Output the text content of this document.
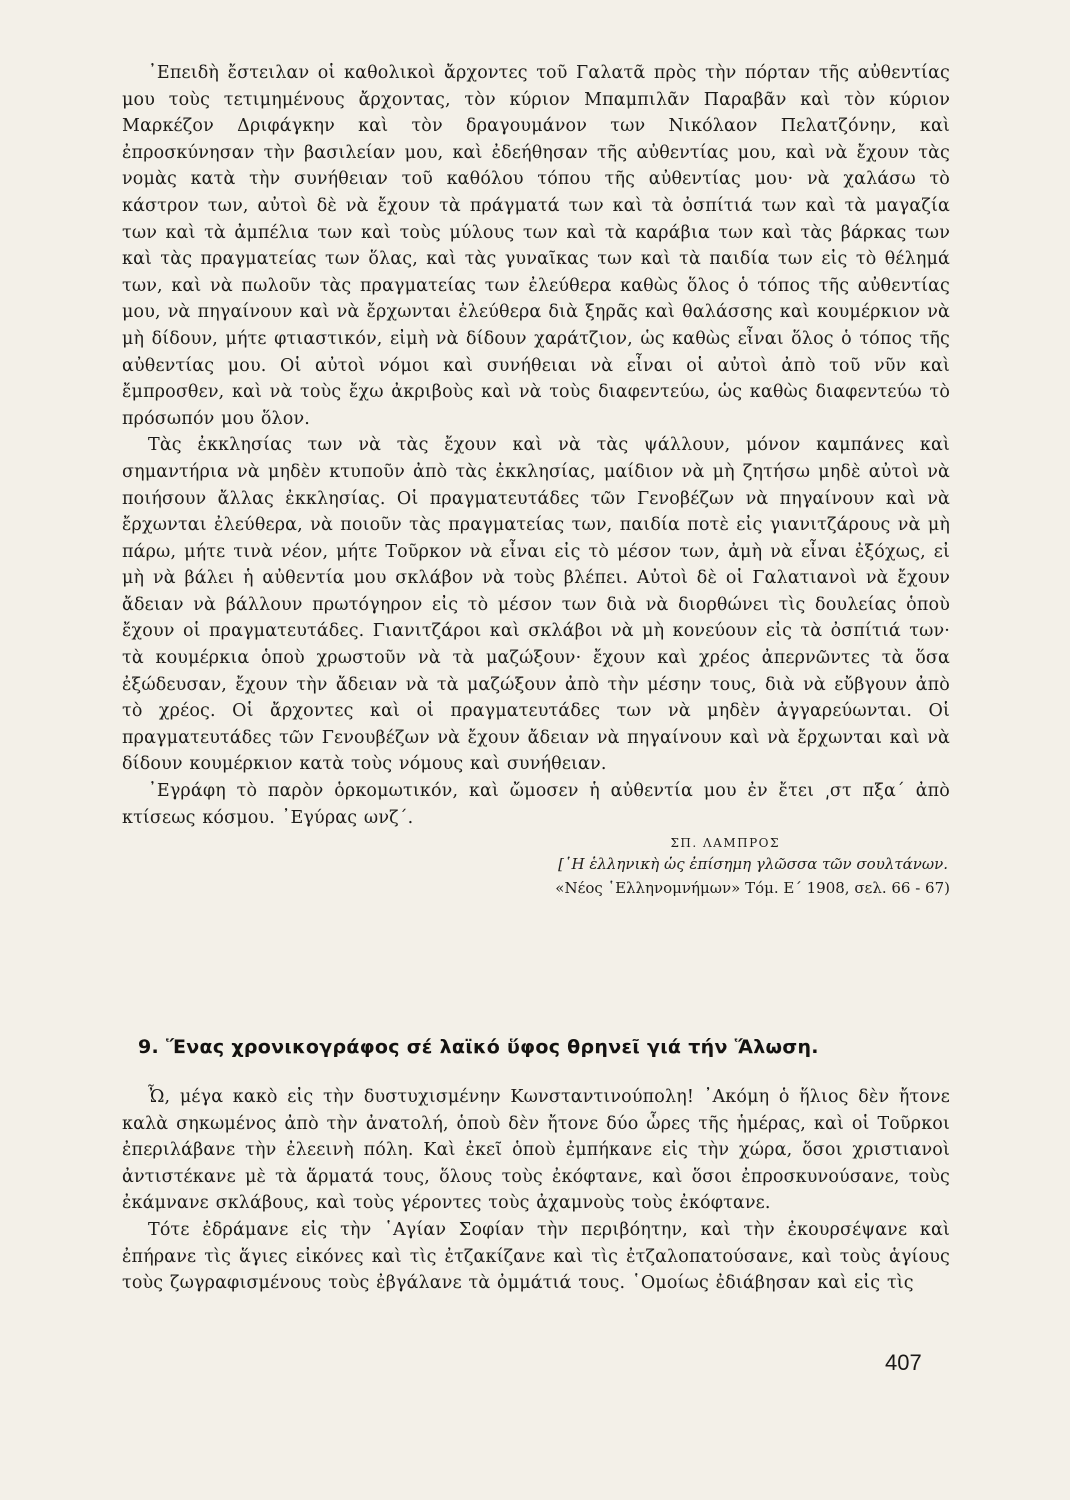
᾿Επειδὴ ἔστειλαν οἱ καθολικοὶ ἄρχοντες τοῦ Γαλατᾶ πρὸς τὴν πόρταν τῆς αὐθεντίας μου τοὺς τετιμημένους ἄρχοντας, τὸν κύριον Μπαμπιλᾶν Παραβᾶν καὶ τὸν κύριον Μαρκέζον Δριφάγκην καὶ τὸν δραγουμάνον των Νικόλαον Πελατζόνην, καὶ ἐπροσκύνησαν τὴν βασιλείαν μου, καὶ ἐδεήθησαν τῆς αὐθεντίας μου, καὶ νὰ ἔχουν τὰς νομὰς κατὰ τὴν συνήθειαν τοῦ καθόλου τόπου τῆς αὐθεντίας μου· νὰ χαλάσω τὸ κάστρον των, αὐτοὶ δὲ νὰ ἔχουν τὰ πράγματά των καὶ τὰ ὀσπίτιά των καὶ τὰ μαγαζία των καὶ τὰ ἀμπέλια των καὶ τοὺς μύλους των καὶ τὰ καράβια των καὶ τὰς βάρκας των καὶ τὰς πραγματείας των ὅλας, καὶ τὰς γυναῖκας των καὶ τὰ παιδία των εἰς τὸ θέλημά των, καὶ νὰ πωλοῦν τὰς πραγματείας των ἐλεύθερα καθὼς ὅλος ὁ τόπος τῆς αὐθεντίας μου, νὰ πηγαίνουν καὶ νὰ ἔρχωνται ἐλεύθερα διὰ ξηρᾶς καὶ θαλάσσης καὶ κουμέρκιον νὰ μὴ δίδουν, μήτε φτιαστικόν, εἰμὴ νὰ δίδουν χαράτζιον, ὡς καθὼς εἶναι ὅλος ὁ τόπος τῆς αὐθεντίας μου. Οἱ αὐτοὶ νόμοι καὶ συνήθειαι νὰ εἶναι οἱ αὐτοὶ ἀπὸ τοῦ νῦν καὶ ἔμπροσθεν, καὶ νὰ τοὺς ἔχω ἀκριβοὺς καὶ νὰ τοὺς διαφεντεύω, ὡς καθὼς διαφεντεύω τὸ πρόσωπόν μου ὅλον.

Τὰς ἐκκλησίας των νὰ τὰς ἔχουν καὶ νὰ τὰς ψάλλουν, μόνον καμπάνες καὶ σημαντήρια νὰ μηδὲν κτυποῦν ἀπὸ τὰς ἐκκλησίας, μαίδιον νὰ μὴ ζητήσω μηδὲ αὐτοὶ νὰ ποιήσουν ἄλλας ἐκκλησίας. Οἱ πραγματευτάδες τῶν Γενοβέζων νὰ πηγαίνουν καὶ νὰ ἔρχωνται ἐλεύθερα, νὰ ποιοῦν τὰς πραγματείας των, παιδία ποτὲ εἰς γιανιτζάρους νὰ μὴ πάρω, μήτε τινὰ νέον, μήτε Τοῦρκον νὰ εἶναι εἰς τὸ μέσον των, ἀμὴ νὰ εἶναι ἐξόχως, εἰ μὴ νὰ βάλει ἡ αὐθεντία μου σκλάβον νὰ τοὺς βλέπει. Αὐτοὶ δὲ οἱ Γαλατιανοὶ νὰ ἔχουν ἄδειαν νὰ βάλλουν πρωτόγηρον εἰς τὸ μέσον των διὰ νὰ διορθώνει τὶς δουλείας ὁποὺ ἔχουν οἱ πραγματευτάδες. Γιανιτζάροι καὶ σκλάβοι νὰ μὴ κονεύουν εἰς τὰ ὀσπίτιά των· τὰ κουμέρκια ὁποὺ χρωστοῦν νὰ τὰ μαζώξουν· ἔχουν καὶ χρέος ἀπερνῶντες τὰ ὅσα ἐξώδευσαν, ἔχουν τὴν ἄδειαν νὰ τὰ μαζώξουν ἀπὸ τὴν μέσην τους, διὰ νὰ εὔβγουν ἀπὸ τὸ χρέος. Οἱ ἄρχοντες καὶ οἱ πραγματευτάδες των νὰ μηδὲν ἀγγαρεύωνται. Οἱ πραγματευτάδες τῶν Γενουβέζων νὰ ἔχουν ἄδειαν νὰ πηγαίνουν καὶ νὰ ἔρχωνται καὶ νὰ δίδουν κουμέρκιον κατὰ τοὺς νόμους καὶ συνήθειαν.

᾿Εγράφη τὸ παρὸν ὁρκομωτικόν, καὶ ὤμοσεν ἡ αὐθεντία μου ἐν ἔτει ͵στ πξα´ ἀπὸ κτίσεως κόσμου. ᾿Εγύρας ωνζ´.

ΣΠ. ΛΑΜΠΡΟΣ
[῾Η ἑλληνικὴ ὡς ἐπίσημη γλῶσσα τῶν σουλτάνων.
«Νέος ῾Ελληνομνήμων» Τόμ. Ε´ 1908, σελ. 66 - 67)
9. Ἕνας χρονικογράφος σέ λαϊκό ὕφος θρηνεῖ γιά τήν Ἅλωση.

Ὦ, μέγα κακὸ εἰς τὴν δυστυχισμένην Κωνσταντινούπολη! ᾿Ακόμη ὁ ἥλιος δὲν ἤτονε καλὰ σηκωμένος ἀπὸ τὴν ἀνατολή, ὁποὺ δὲν ἤτονε δύο ὧρες τῆς ἡμέρας, καὶ οἱ Τοῦρκοι ἐπεριλάβανε τὴν ἐλεεινὴ πόλη. Καὶ ἐκεῖ ὁποὺ ἐμπήκανε εἰς τὴν χώρα, ὅσοι χριστιανοὶ ἀντιστέκανε μὲ τὰ ἅρματά τους, ὅλους τοὺς ἐκόφτανε, καὶ ὅσοι ἐπροσκυνούσανε, τοὺς ἐκάμνανε σκλάβους, καὶ τοὺς γέροντες τοὺς ἀχαμνοὺς τοὺς ἐκόφτανε.

Τότε ἐδράμανε εἰς τὴν ῾Αγίαν Σοφίαν τὴν περιβόητην, καὶ τὴν ἐκουρσέψανε καὶ ἐπήρανε τὶς ἅγιες εἰκόνες καὶ τὶς ἐτζακίζανε καὶ τὶς ἐτζαλοπατούσανε, καὶ τοὺς ἁγίους τοὺς ζωγραφισμένους τοὺς ἐβγάλανε τὰ ὀμμάτιά τους. ῾Ομοίως ἐδιάβησαν καὶ εἰς τὶς

407
